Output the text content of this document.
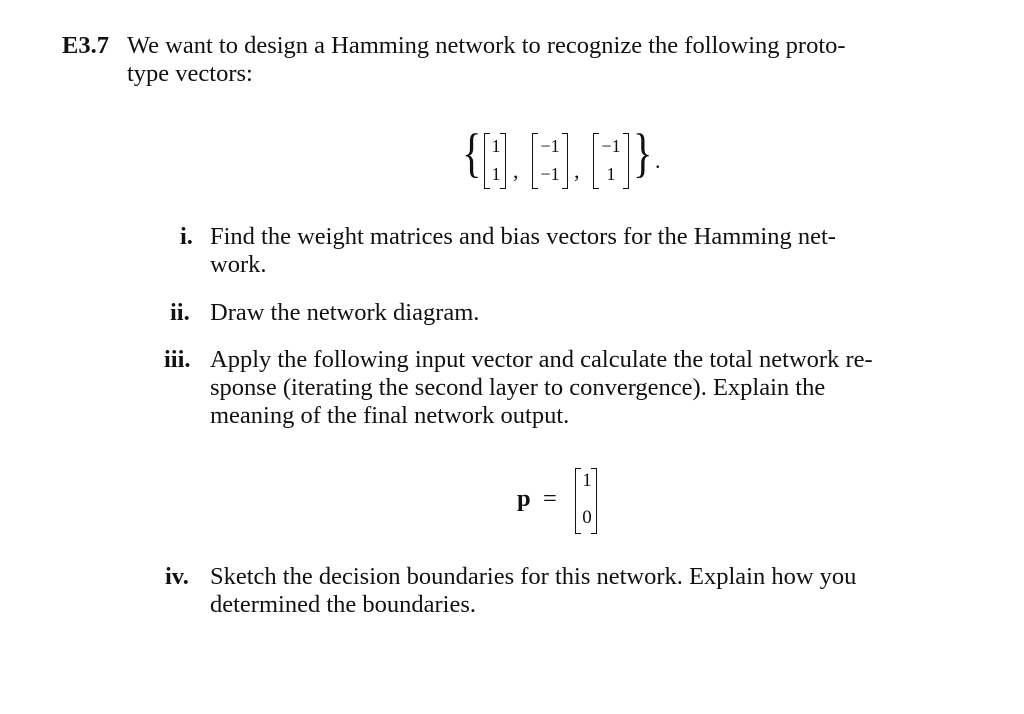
E3.7 We want to design a Hamming network to recognize the following proto-
type vectors:
{ 1
1 ,
−1
−1 ,
−1
1 } .
i. Find the weight matrices and bias vectors for the Hamming net-
work.
ii. Draw the network diagram.
iii. Apply the following input vector and calculate the total network re-
sponse (iterating the second layer to convergence). Explain the
meaning of the final network output.
p =
1
0
iv. Sketch the decision boundaries for this network. Explain how you
determined the boundaries.
